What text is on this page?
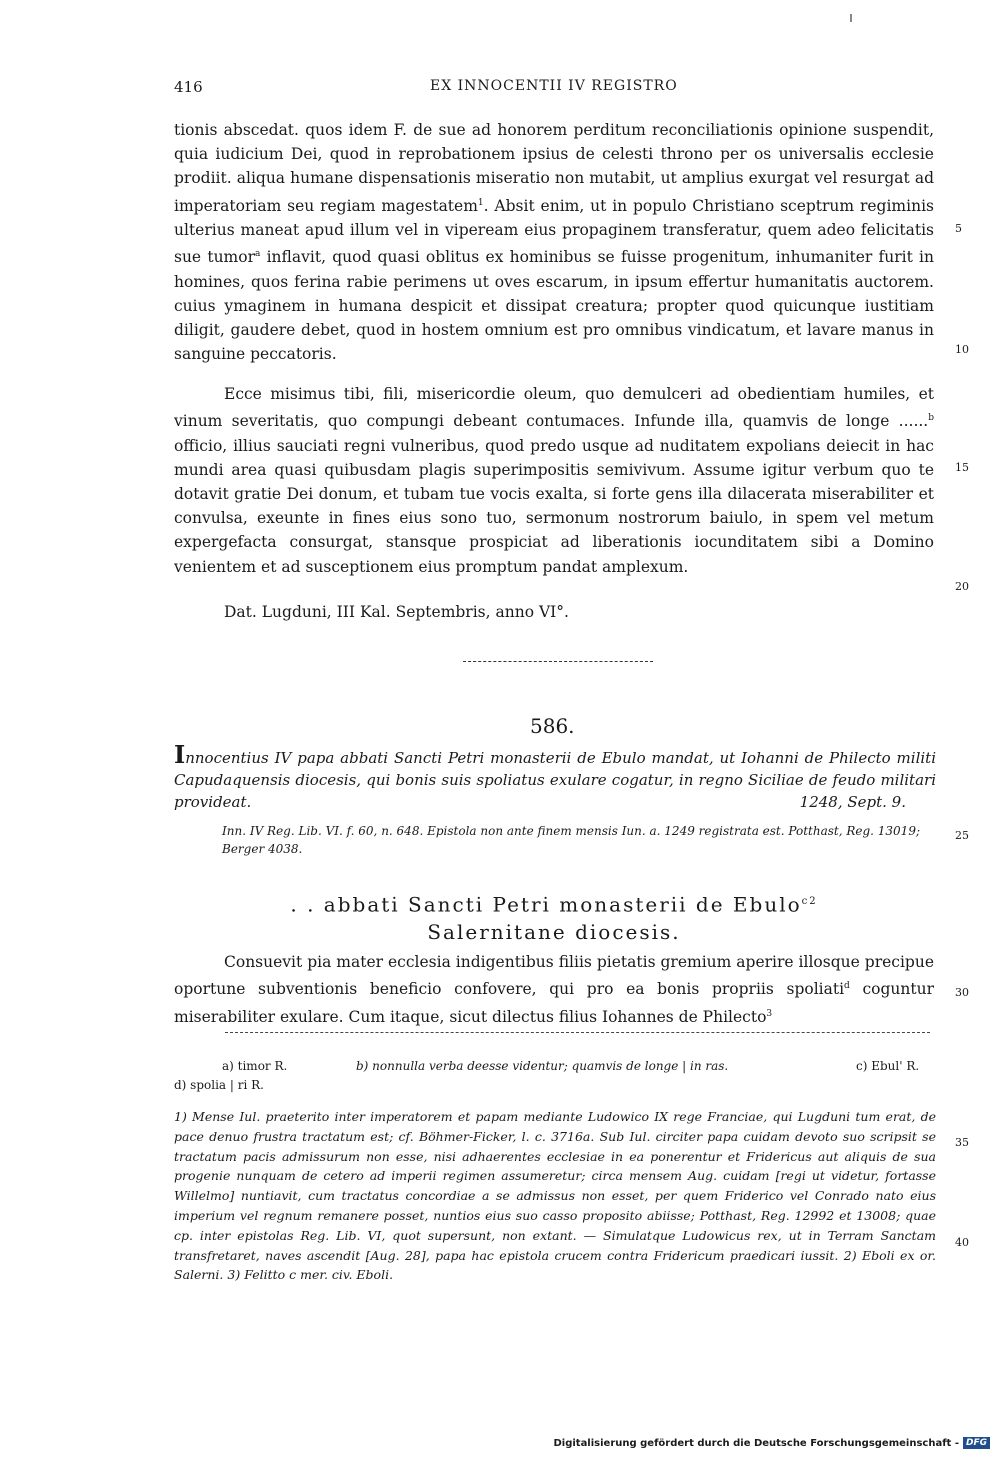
416	EX INNOCENTII IV REGISTRO

tionis abscedat. quos idem F. de sue ad honorem perditum reconciliationis opinione suspendit, quia iudicium Dei, quod in reprobationem ipsius de celesti throno per os universalis ecclesie prodiit. aliqua humane dispensationis miseratio non mutabit, ut amplius exurgat vel resurgat ad imperatoriam seu regiam magestatem$^1$. Absit enim, ut in populo Christiano sceptrum regiminis ulterius maneat apud illum vel in vipeream eius propaginem transferatur, quem adeo felicitatis sue tumor$^a$ inflavit, quod quasi oblitus ex hominibus se fuisse progenitum, inhumaniter furit in homines, quos ferina rabie perimens ut oves escarum, in ipsum effertur humanitatis auctorem. cuius ymaginem in humana despicit et dissipat creatura; propter quod quicunque iustitiam diligit, gaudere debet, quod in hostem omnium est pro omnibus vindicatum, et lavare manus in sanguine peccatoris.

Ecce misimus tibi, fili, misericordie oleum, quo demulceri ad obedientiam humiles, et vinum severitatis, quo compungi debeant contumaces. Infunde illa, quamvis de longe ......$^b$ officio, illius sauciati regni vulneribus, quod predo usque ad nuditatem expolians deiecit in hac mundi area quasi quibusdam plagis superimpositis semivivum. Assume igitur verbum quo te dotavit gratie Dei donum, et tubam tue vocis exalta, si forte gens illa dilacerata miserabiliter et convulsa, exeunte in fines eius sono tuo, sermonum nostrorum baiulo, in spem vel metum expergefacta consurgat, stansque prospiciat ad liberationis iocunditatem sibi a Domino venientem et ad susceptionem eius promptum pandat amplexum.

Dat. Lugduni, III Kal. Septembris, anno VI°.

5
10
15
20
25
30
35
40
586.
Innocentius IV papa abbati Sancti Petri monasterii de Ebulo mandat, ut Iohanni de Philecto militi Capudaquensis diocesis, qui bonis suis spoliatus exulare cogatur, in regno Siciliae de feudo militari provideat.	1248, Sept. 9.
Inn. IV Reg. Lib. VI. f. 60, n. 648. Epistola non ante finem mensis Iun. a. 1249 registrata est. Potthast, Reg. 13019; Berger 4038.
. . abbati Sancti Petri monasterii de Ebulo$^{c2}$
Salernitane diocesis.

Consuevit pia mater ecclesia indigentibus filiis pietatis gremium aperire illosque precipue oportune subventionis beneficio confovere, qui pro ea bonis propriis spoliati$^d$ coguntur miserabiliter exulare. Cum itaque, sicut dilectus filius Iohannes de Philecto$^3$

a) timor R.	b) nonnulla verba deesse videntur; quamvis de longe | in ras.	c) Ebul' R.
d) spolia | ri R.
1) Mense Iul. praeterito inter imperatorem et papam mediante Ludowico IX rege Franciae, qui Lugduni tum erat, de pace denuo frustra tractatum est; cf. Böhmer-Ficker, l. c. 3716a. Sub Iul. circiter papa cuidam devoto suo scripsit se tractatum pacis admissurum non esse, nisi adhaerentes ecclesiae in ea ponerentur et Fridericus aut aliquis de sua progenie nunquam de cetero ad imperii regimen assumeretur; circa mensem Aug. cuidam [regi ut videtur, fortasse Willelmo] nuntiavit, cum tractatus concordiae a se admissus non esset, per quem Friderico vel Conrado nato eius imperium vel regnum remanere posset, nuntios eius suo casso proposito abiisse; Potthast, Reg. 12992 et 13008; quae cp. inter epistolas Reg. Lib. VI, quot supersunt, non extant. — Simulatque Ludowicus rex, ut in Terram Sanctam transfretaret, naves ascendit [Aug. 28], papa hac epistola crucem contra Fridericum praedicari iussit. 2) Eboli ex or. Salerni. 3) Felitto c mer. civ. Eboli.
Digitalisierung gefördert durch die Deutsche Forschungsgemeinschaft - DFG
